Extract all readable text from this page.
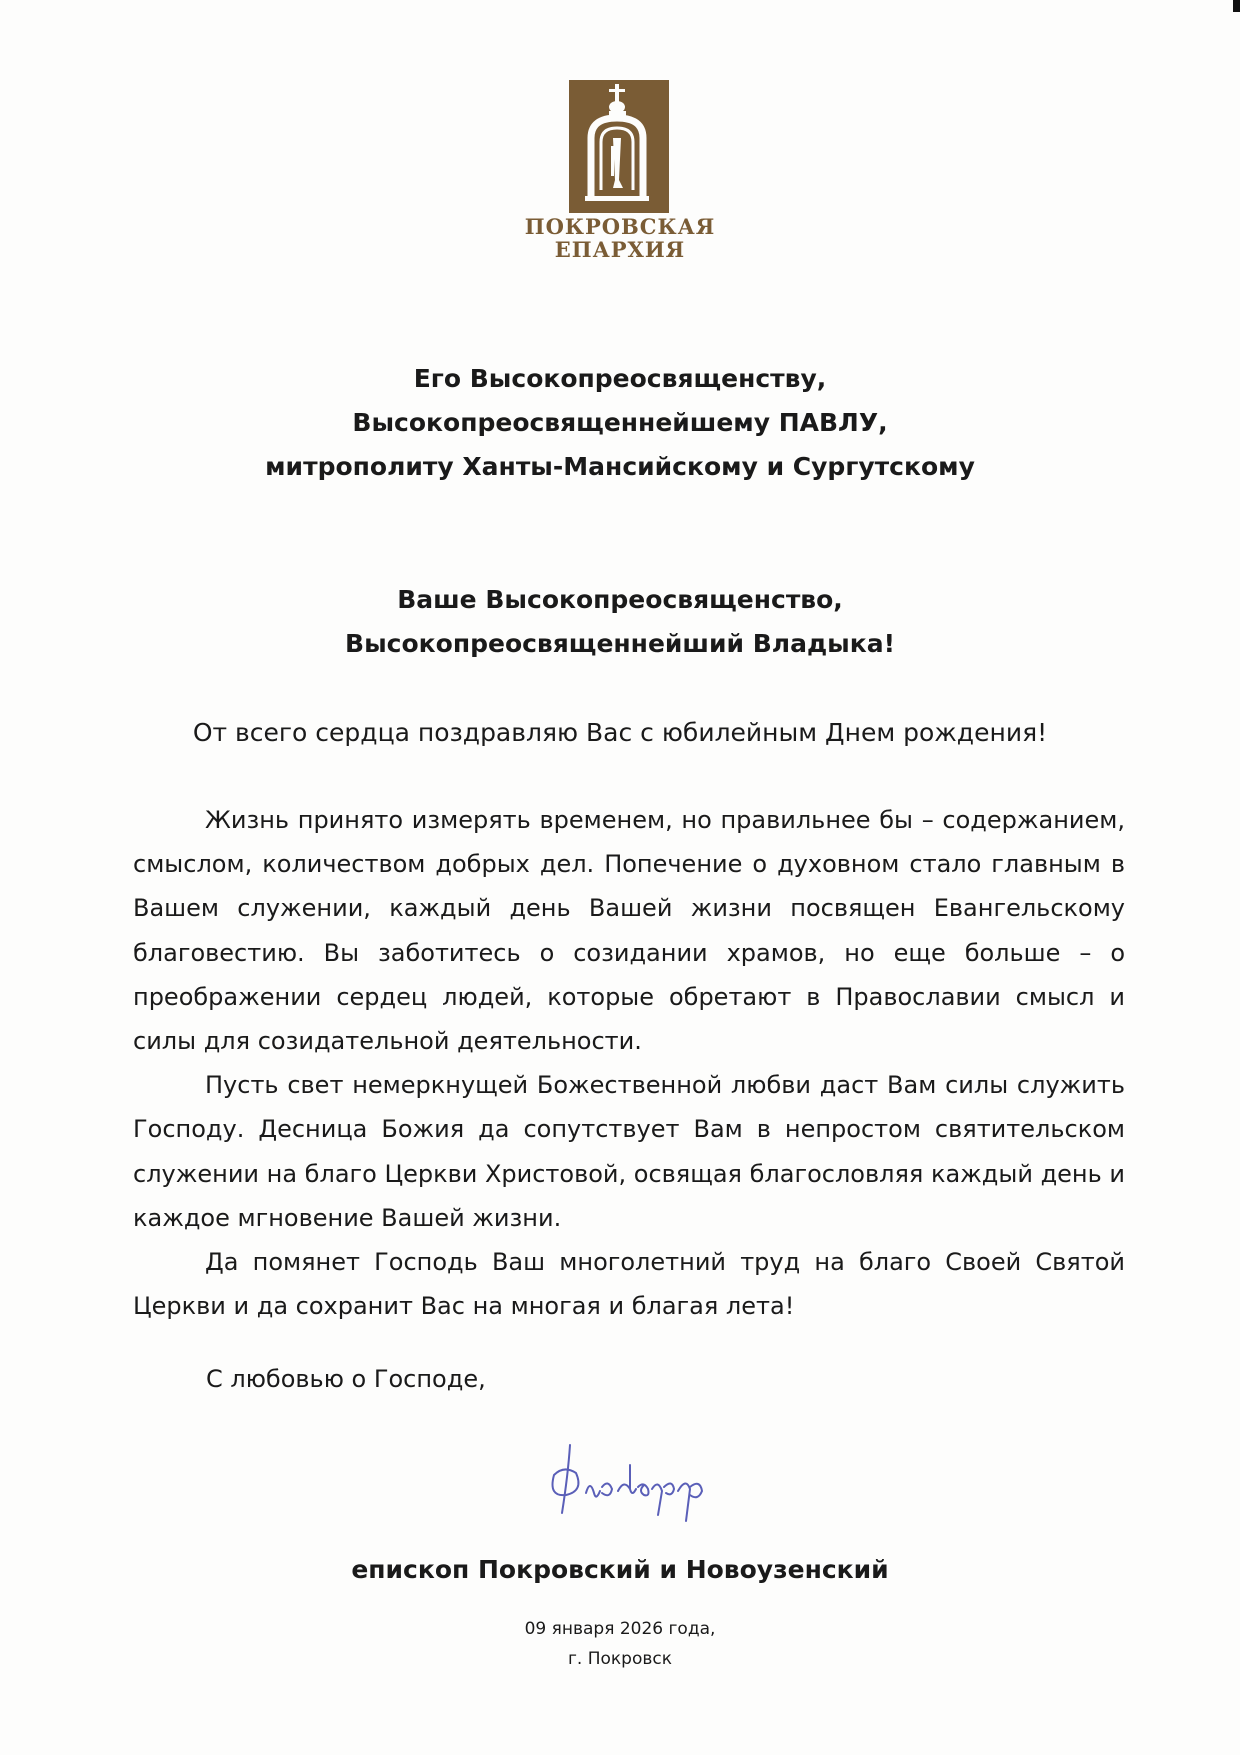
ПОКРОВСКАЯ
ЕПАРХИЯ
Его Высокопреосвященству,
Высокопреосвященнейшему ПАВЛУ,
митрополиту Ханты-Мансийскому и Сургутскому
Ваше Высокопреосвященство,
Высокопреосвященнейший Владыка!
От всего сердца поздравляю Вас с юбилейным Днем рождения!

Жизнь принято измерять временем, но правильнее бы – содержанием, смыслом, количеством добрых дел. Попечение о духовном стало главным в Вашем служении, каждый день Вашей жизни посвящен Евангельскому благовестию. Вы заботитесь о созидании храмов, но еще больше – о преображении сердец людей, которые обретают в Православии смысл и силы для созидательной деятельности.

Пусть свет немеркнущей Божественной любви даст Вам силы служить Господу. Десница Божия да сопутствует Вам в непростом святительском служении на благо Церкви Христовой, освящая благословляя каждый день и каждое мгновение Вашей жизни.

Да помянет Господь Ваш многолетний труд на благо Своей Святой Церкви и да сохранит Вас на многая и благая лета!

С любовью о Господе,
епископ Покровский и Новоузенский
09 января 2026 года,
г. Покровск
